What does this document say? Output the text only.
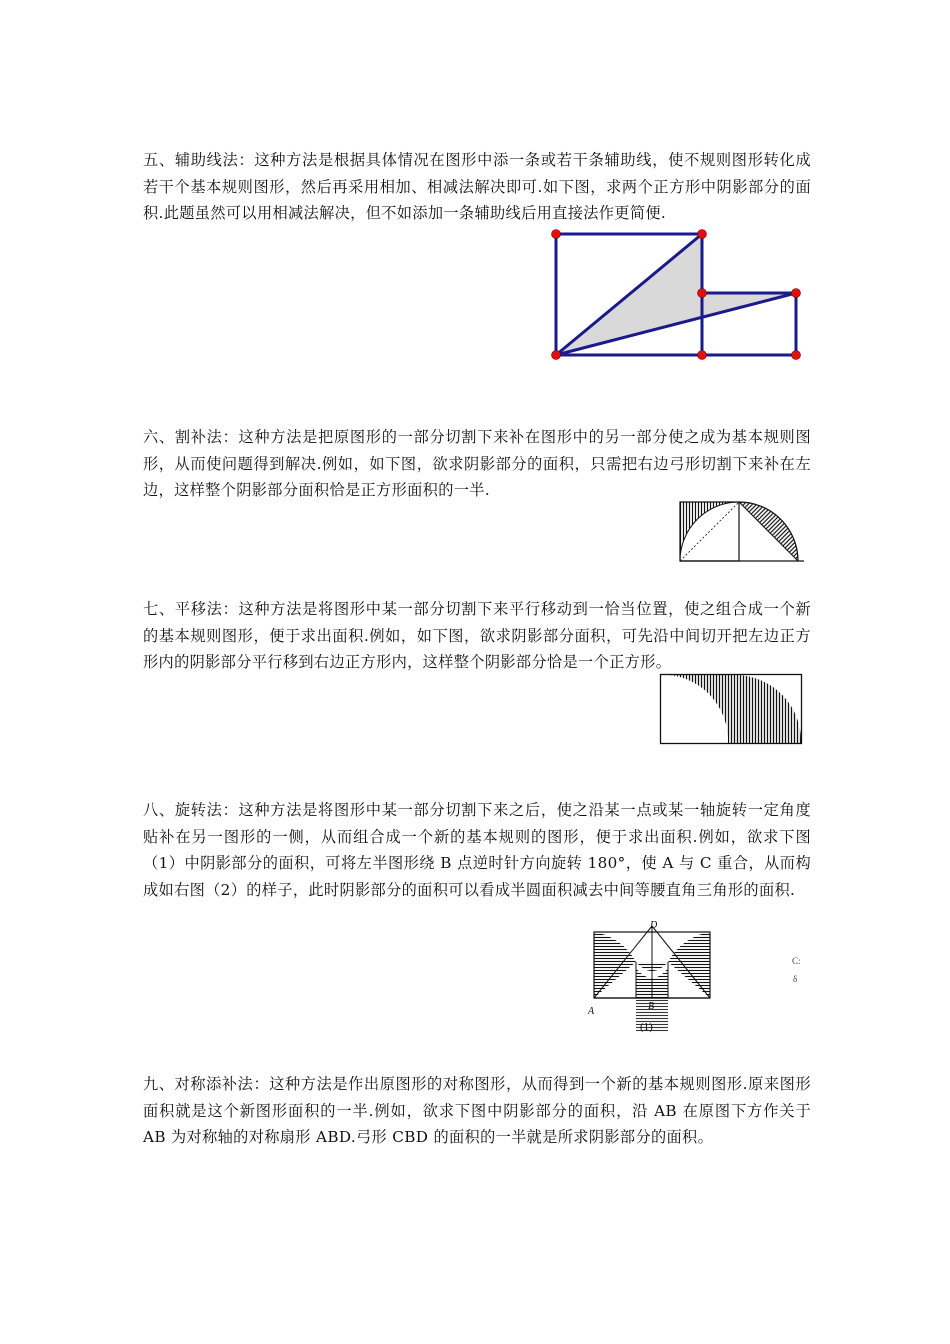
五、辅助线法：这种方法是根据具体情况在图形中添一条或若干条辅助线，使不规则图形转化成若干个基本规则图形，然后再采用相加、相减法解决即可.如下图，求两个正方形中阴影部分的面积.此题虽然可以用相减法解决，但不如添加一条辅助线后用直接法作更简便.

六、割补法：这种方法是把原图形的一部分切割下来补在图形中的另一部分使之成为基本规则图形，从而使问题得到解决.例如，如下图，欲求阴影部分的面积，只需把右边弓形切割下来补在左边，这样整个阴影部分面积恰是正方形面积的一半.

七、平移法：这种方法是将图形中某一部分切割下来平行移动到一恰当位置，使之组合成一个新的基本规则图形，便于求出面积.例如，如下图，欲求阴影部分面积，可先沿中间切开把左边正方形内的阴影部分平行移到右边正方形内，这样整个阴影部分恰是一个正方形。

八、旋转法：这种方法是将图形中某一部分切割下来之后，使之沿某一点或某一轴旋转一定角度贴补在另一图形的一侧，从而组合成一个新的基本规则的图形，便于求出面积.例如，欲求下图（1）中阴影部分的面积，可将左半图形绕 B 点逆时针方向旋转 180°，使 A 与 C 重合，从而构成如右图（2）的样子，此时阴影部分的面积可以看成半圆面积减去中间等腰直角三角形的面积.

D
A	B
(1)
C:
δ

九、对称添补法：这种方法是作出原图形的对称图形，从而得到一个新的基本规则图形.原来图形面积就是这个新图形面积的一半.例如，欲求下图中阴影部分的面积，沿 AB 在原图下方作关于 AB 为对称轴的对称扇形 ABD.弓形 CBD 的面积的一半就是所求阴影部分的面积。
